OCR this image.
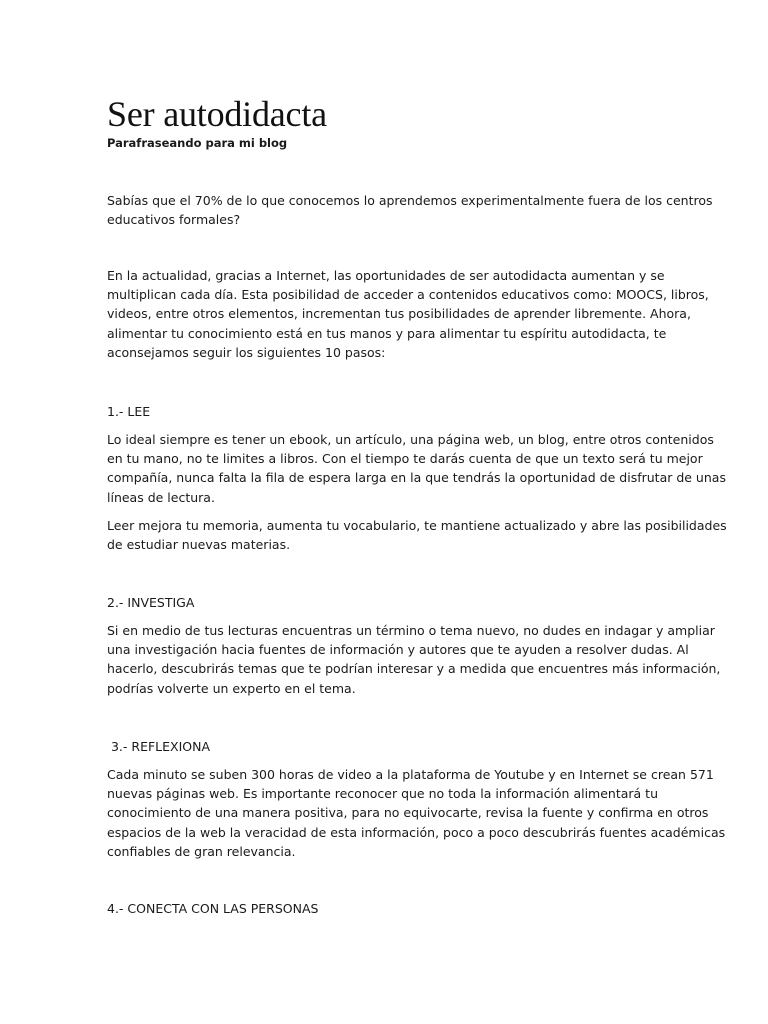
Ser autodidacta
Parafraseando para mi blog

Sabías que el 70% de lo que conocemos lo aprendemos experimentalmente fuera de los centros
educativos formales?

En la actualidad, gracias a Internet, las oportunidades de ser autodidacta aumentan y se
multiplican cada día. Esta posibilidad de acceder a contenidos educativos como: MOOCS, libros,
videos, entre otros elementos, incrementan tus posibilidades de aprender libremente. Ahora,
alimentar tu conocimiento está en tus manos y para alimentar tu espíritu autodidacta, te
aconsejamos seguir los siguientes 10 pasos:

1.- LEE

Lo ideal siempre es tener un ebook, un artículo, una página web, un blog, entre otros contenidos
en tu mano, no te limites a libros. Con el tiempo te darás cuenta de que un texto será tu mejor
compañía, nunca falta la fila de espera larga en la que tendrás la oportunidad de disfrutar de unas
líneas de lectura.

Leer mejora tu memoria, aumenta tu vocabulario, te mantiene actualizado y abre las posibilidades
de estudiar nuevas materias.

2.- INVESTIGA

Si en medio de tus lecturas encuentras un término o tema nuevo, no dudes en indagar y ampliar
una investigación hacia fuentes de información y autores que te ayuden a resolver dudas. Al
hacerlo, descubrirás temas que te podrían interesar y a medida que encuentres más información,
podrías volverte un experto en el tema.

3.- REFLEXIONA

Cada minuto se suben 300 horas de video a la plataforma de Youtube y en Internet se crean 571
nuevas páginas web. Es importante reconocer que no toda la información alimentará tu
conocimiento de una manera positiva, para no equivocarte, revisa la fuente y confirma en otros
espacios de la web la veracidad de esta información, poco a poco descubrirás fuentes académicas
confiables de gran relevancia.

4.- CONECTA CON LAS PERSONAS
